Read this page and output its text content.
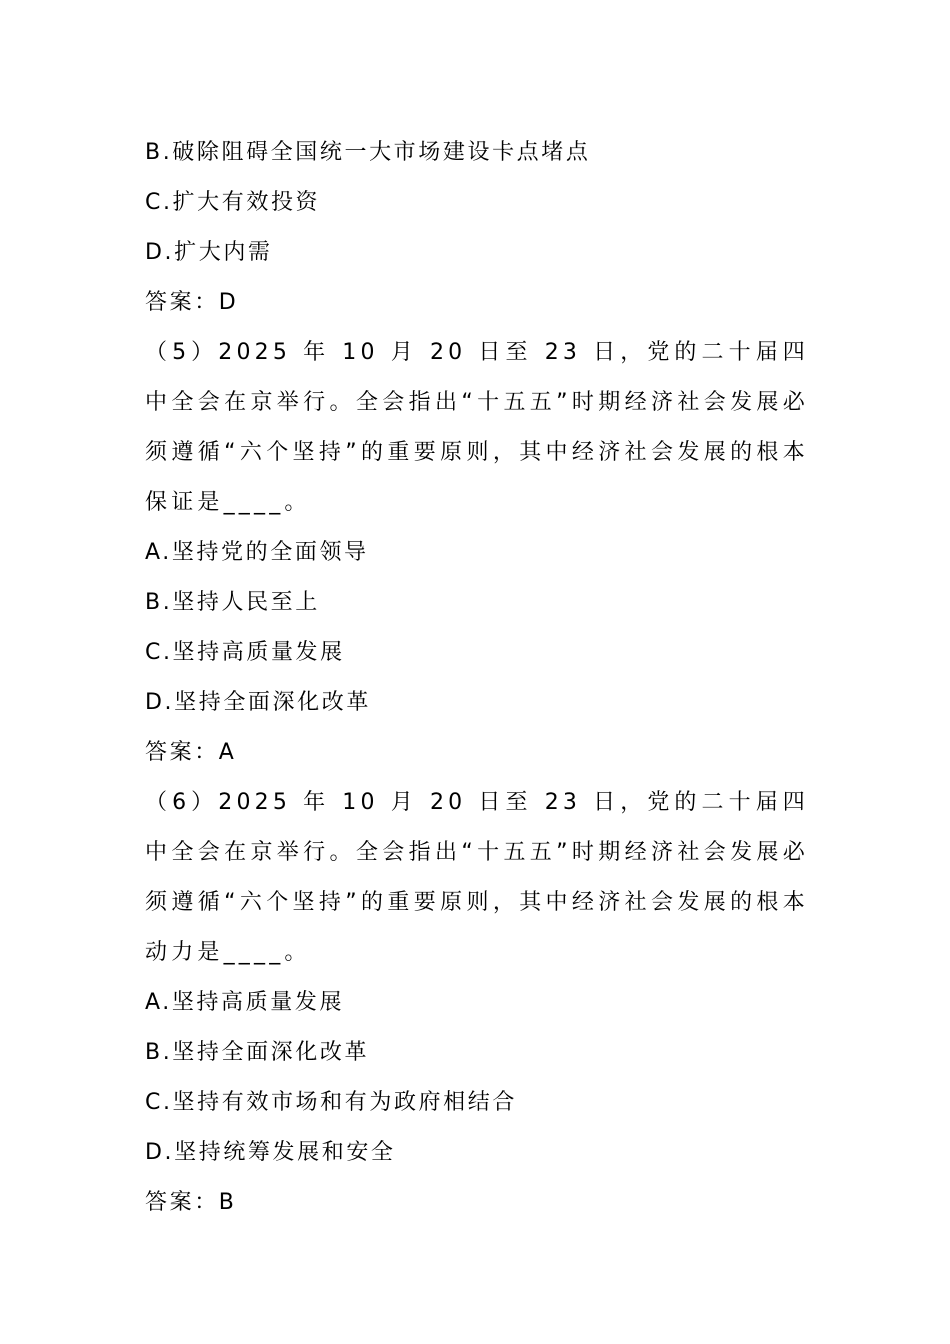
B.破除阻碍全国统一大市场建设卡点堵点
C.扩大有效投资
D.扩大内需
答案：D
（5）2025 年 10 月 20 日至 23 日，党的二十届四中全会在京举行。全会指出“十五五”时期经济社会发展必须遵循“六个坚持”的重要原则，其中经济社会发展的根本保证是____。
A.坚持党的全面领导
B.坚持人民至上
C.坚持高质量发展
D.坚持全面深化改革
答案：A
（6）2025 年 10 月 20 日至 23 日，党的二十届四中全会在京举行。全会指出“十五五”时期经济社会发展必须遵循“六个坚持”的重要原则，其中经济社会发展的根本动力是____。
A.坚持高质量发展
B.坚持全面深化改革
C.坚持有效市场和有为政府相结合
D.坚持统筹发展和安全
答案：B
